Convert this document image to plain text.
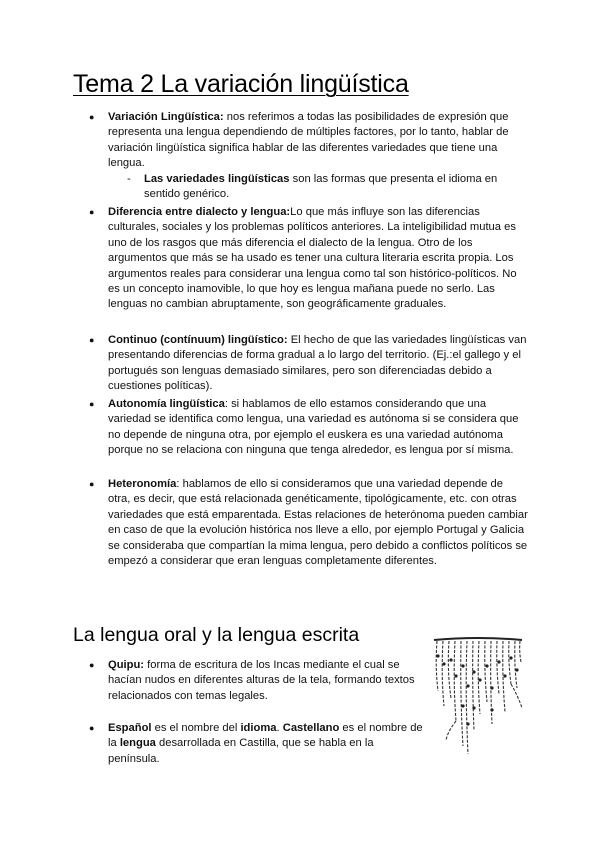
Tema 2 La variación lingüística
● Variación Lingüística: nos referimos a todas las posibilidades de expresión que representa una lengua dependiendo de múltiples factores, por lo tanto, hablar de variación lingüística significa hablar de las diferentes variedades que tiene una lengua.
- Las variedades lingüísticas son las formas que presenta el idioma en sentido genérico.
● Diferencia entre dialecto y lengua:Lo que más influye son las diferencias culturales, sociales y los problemas políticos anteriores. La inteligibilidad mutua es uno de los rasgos que más diferencia el dialecto de la lengua. Otro de los argumentos que más se ha usado es tener una cultura literaria escrita propia. Los argumentos reales para considerar una lengua como tal son histórico-políticos. No es un concepto inamovible, lo que hoy es lengua mañana puede no serlo. Las lenguas no cambian abruptamente, son geográficamente graduales.
● Continuo (contínuum) lingüístico: El hecho de que las variedades lingüísticas van presentando diferencias de forma gradual a lo largo del territorio. (Ej.:el gallego y el portugués son lenguas demasiado similares, pero son diferenciadas debido a cuestiones políticas).
● Autonomía lingüística: si hablamos de ello estamos considerando que una variedad se identifica como lengua, una variedad es autónoma si se considera que no depende de ninguna otra, por ejemplo el euskera es una variedad autónoma porque no se relaciona con ninguna que tenga alrededor, es lengua por sí misma.
● Heteronomía: hablamos de ello si consideramos que una variedad depende de otra, es decir, que está relacionada genéticamente, tipológicamente, etc. con otras variedades que está emparentada. Estas relaciones de heterónoma pueden cambiar en caso de que la evolución histórica nos lleve a ello, por ejemplo Portugal y Galicia se consideraba que compartían la mima lengua, pero debido a conflictos políticos se empezó a considerar que eran lenguas completamente diferentes.
La lengua oral y la lengua escrita
● Quipu: forma de escritura de los Incas mediante el cual se hacían nudos en diferentes alturas de la tela, formando textos relacionados con temas legales.
● Español es el nombre del idioma. Castellano es el nombre de la lengua desarrollada en Castilla, que se habla en la península.
